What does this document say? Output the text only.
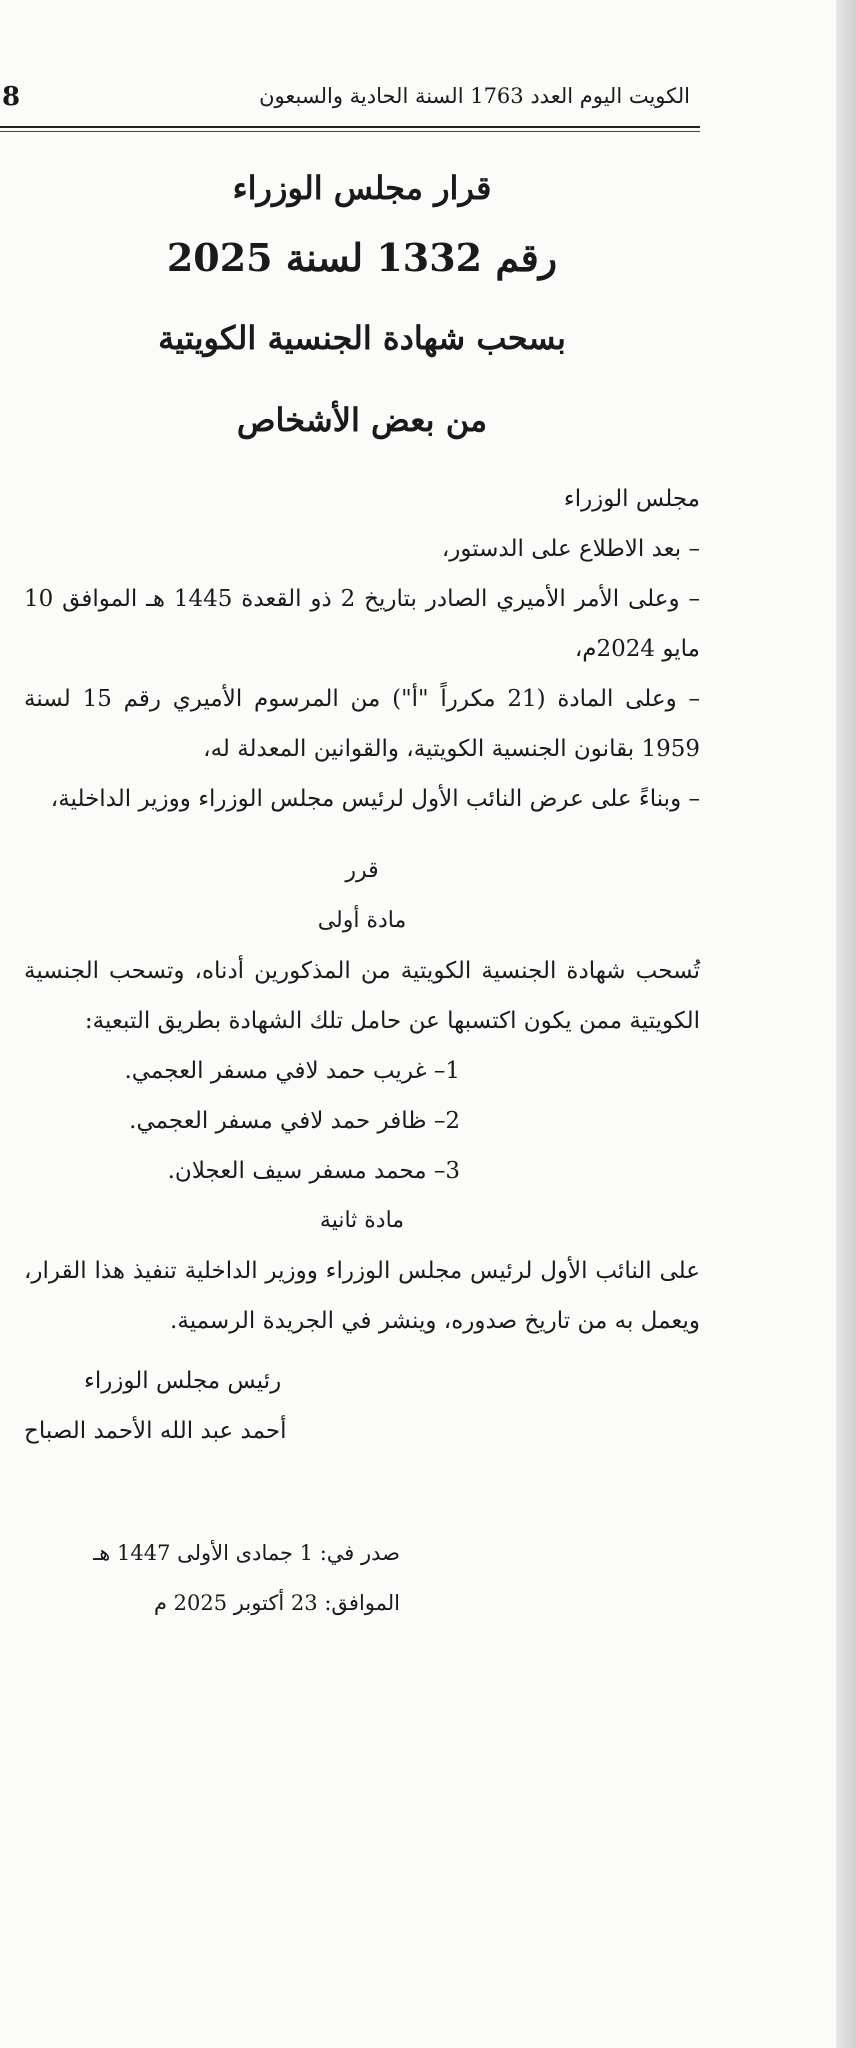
8	الكويت اليوم العدد 1763 السنة الحادية والسبعون

قرار مجلس الوزراء

رقم 1332 لسنة 2025

بسحب شهادة الجنسية الكويتية

من بعض الأشخاص

مجلس الوزراء

– بعد الاطلاع على الدستور،

– وعلى الأمر الأميري الصادر بتاريخ 2 ذو القعدة 1445 هـ الموافق 10 مايو 2024م،

– وعلى المادة (21 مكرراً "أ") من المرسوم الأميري رقم 15 لسنة 1959 بقانون الجنسية الكويتية، والقوانين المعدلة له،

– وبناءً على عرض النائب الأول لرئيس مجلس الوزراء ووزير الداخلية،

قرر

مادة أولى

تُسحب شهادة الجنسية الكويتية من المذكورين أدناه، وتسحب الجنسية الكويتية ممن يكون اكتسبها عن حامل تلك الشهادة بطريق التبعية:

1– غريب حمد لافي مسفر العجمي.

2– ظافر حمد لافي مسفر العجمي.

3– محمد مسفر سيف العجلان.

مادة ثانية

على النائب الأول لرئيس مجلس الوزراء ووزير الداخلية تنفيذ هذا القرار، ويعمل به من تاريخ صدوره، وينشر في الجريدة الرسمية.

رئيس مجلس الوزراء

أحمد عبد الله الأحمد الصباح

صدر في: 1 جمادى الأولى 1447 هـ

الموافق: 23 أكتوبر 2025 م
